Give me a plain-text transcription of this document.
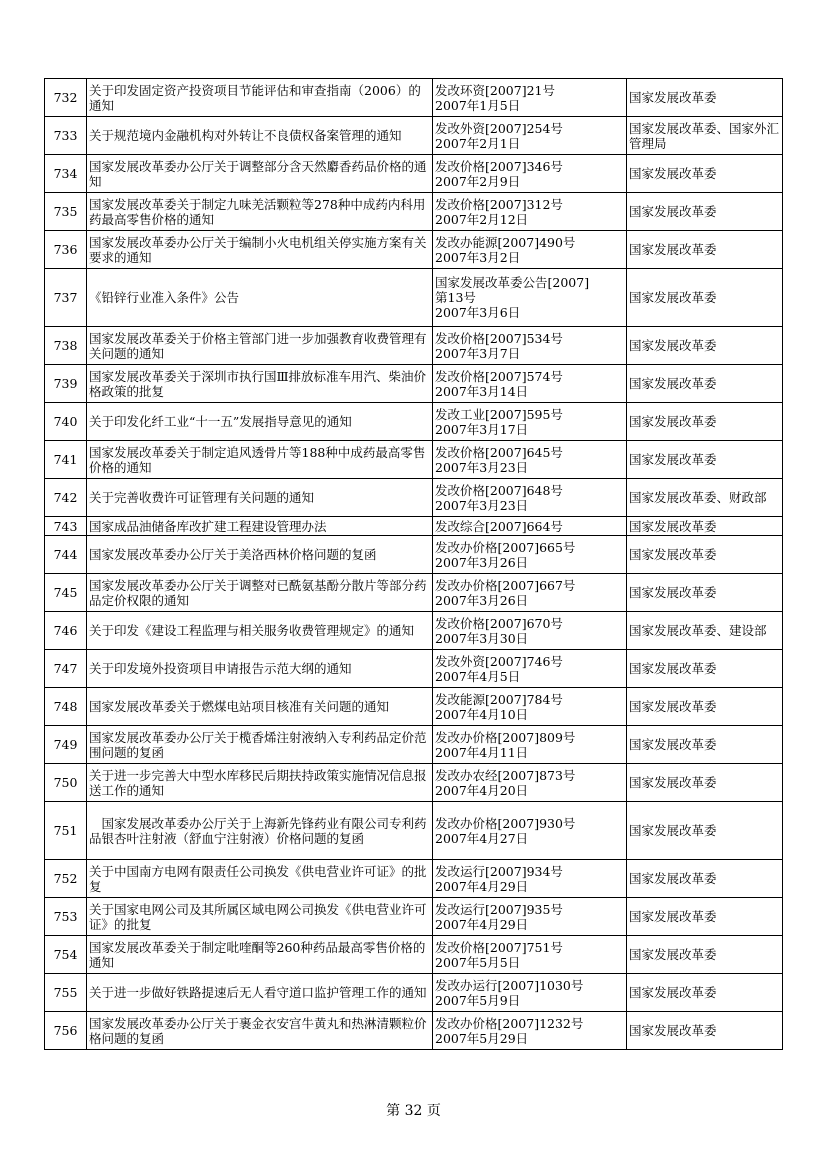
732	关于印发固定资产投资项目节能评估和审查指南（2006）的通知	发改环资[2007]21号
2007年1月5日	国家发展改革委
733	关于规范境内金融机构对外转让不良债权备案管理的通知	发改外资[2007]254号
2007年2月1日	国家发展改革委、国家外汇管理局
734	国家发展改革委办公厅关于调整部分含天然麝香药品价格的通知	发改价格[2007]346号
2007年2月9日	国家发展改革委
735	国家发展改革委关于制定九味羌活颗粒等278种中成药内科用药最高零售价格的通知	发改价格[2007]312号
2007年2月12日	国家发展改革委
736	国家发展改革委办公厅关于编制小火电机组关停实施方案有关要求的通知	发改办能源[2007]490号
2007年3月2日	国家发展改革委
737	《铅锌行业准入条件》公告	国家发展改革委公告[2007]
第13号
2007年3月6日	国家发展改革委
738	国家发展改革委关于价格主管部门进一步加强教育收费管理有关问题的通知	发改价格[2007]534号
2007年3月7日	国家发展改革委
739	国家发展改革委关于深圳市执行国Ⅲ排放标准车用汽、柴油价格政策的批复	发改价格[2007]574号
2007年3月14日	国家发展改革委
740	关于印发化纤工业“十一五”发展指导意见的通知	发改工业[2007]595号
2007年3月17日	国家发展改革委
741	国家发展改革委关于制定追风透骨片等188种中成药最高零售价格的通知	发改价格[2007]645号
2007年3月23日	国家发展改革委
742	关于完善收费许可证管理有关问题的通知	发改价格[2007]648号
2007年3月23日	国家发展改革委、财政部
743	国家成品油储备库改扩建工程建设管理办法	发改综合[2007]664号	国家发展改革委
744	国家发展改革委办公厅关于美洛西林价格问题的复函	发改办价格[2007]665号
2007年3月26日	国家发展改革委
745	国家发展改革委办公厅关于调整对已酰氨基酚分散片等部分药品定价权限的通知	发改办价格[2007]667号
2007年3月26日	国家发展改革委
746	关于印发《建设工程监理与相关服务收费管理规定》的通知	发改价格[2007]670号
2007年3月30日	国家发展改革委、建设部
747	关于印发境外投资项目申请报告示范大纲的通知	发改外资[2007]746号
2007年4月5日	国家发展改革委
748	国家发展改革委关于燃煤电站项目核准有关问题的通知	发改能源[2007]784号
2007年4月10日	国家发展改革委
749	国家发展改革委办公厅关于榄香烯注射液纳入专利药品定价范围问题的复函	发改办价格[2007]809号
2007年4月11日	国家发展改革委
750	关于进一步完善大中型水库移民后期扶持政策实施情况信息报送工作的通知	发改办农经[2007]873号
2007年4月20日	国家发展改革委
751	　国家发展改革委办公厅关于上海新先锋药业有限公司专利药品银杏叶注射液（舒血宁注射液）价格问题的复函	发改办价格[2007]930号
2007年4月27日	国家发展改革委
752	关于中国南方电网有限责任公司换发《供电营业许可证》的批复	发改运行[2007]934号
2007年4月29日	国家发展改革委
753	关于国家电网公司及其所属区域电网公司换发《供电营业许可证》的批复	发改运行[2007]935号
2007年4月29日	国家发展改革委
754	国家发展改革委关于制定吡喹酮等260种药品最高零售价格的通知	发改价格[2007]751号
2007年5月5日	国家发展改革委
755	关于进一步做好铁路提速后无人看守道口监护管理工作的通知	发改办运行[2007]1030号
2007年5月9日	国家发展改革委
756	国家发展改革委办公厅关于裹金衣安宫牛黄丸和热淋清颗粒价格问题的复函	发改办价格[2007]1232号
2007年5月29日	国家发展改革委
第 32 页
